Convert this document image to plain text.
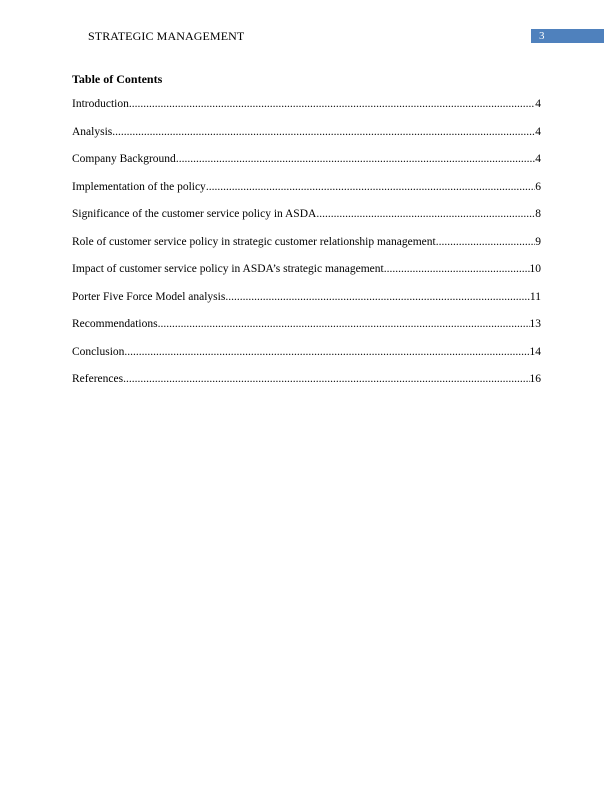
STRATEGIC MANAGEMENT	3
Table of Contents
Introduction .....	4
Analysis .....	4
Company Background .....	4
Implementation of the policy .....	6
Significance of the customer service policy in ASDA .....	8
Role of customer service policy in strategic customer relationship management .....	9
Impact of customer service policy in ASDA’s strategic management .....	10
Porter Five Force Model analysis .....	11
Recommendations .....	13
Conclusion .....	14
References .....	16
